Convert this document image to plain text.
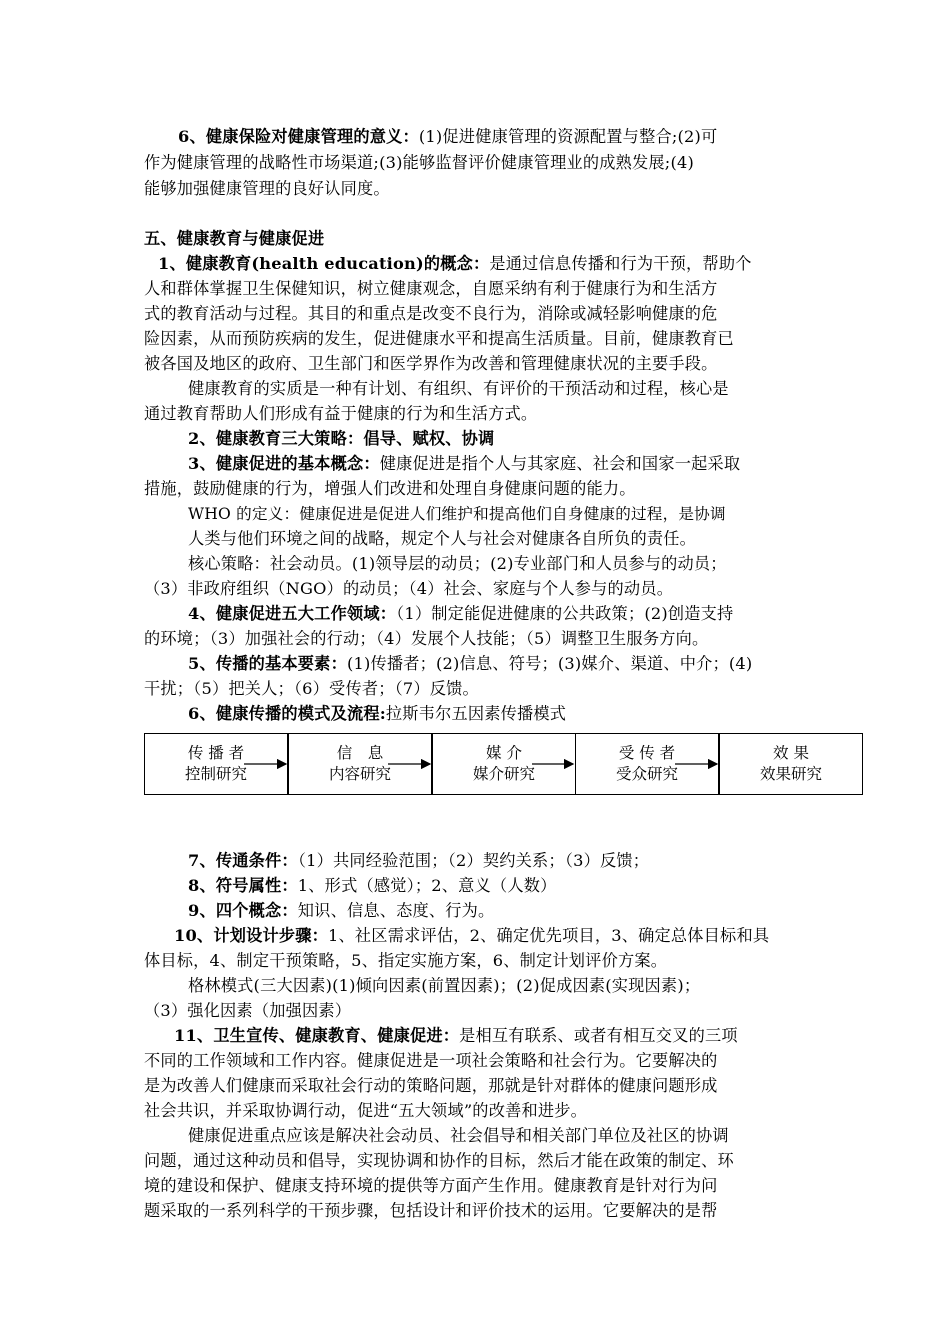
6、健康保险对健康管理的意义：(1)促进健康管理的资源配置与整合;(2)可
作为健康管理的战略性市场渠道;(3)能够监督评价健康管理业的成熟发展;(4)
能够加强健康管理的良好认同度。
五、健康教育与健康促进
1、健康教育(health education)的概念：是通过信息传播和行为干预，帮助个
人和群体掌握卫生保健知识，树立健康观念，自愿采纳有利于健康行为和生活方
式的教育活动与过程。其目的和重点是改变不良行为，消除或减轻影响健康的危
险因素，从而预防疾病的发生，促进健康水平和提高生活质量。目前，健康教育已
被各国及地区的政府、卫生部门和医学界作为改善和管理健康状况的主要手段。
健康教育的实质是一种有计划、有组织、有评价的干预活动和过程，核心是
通过教育帮助人们形成有益于健康的行为和生活方式。
2、健康教育三大策略：倡导、赋权、协调
3、健康促进的基本概念：健康促进是指个人与其家庭、社会和国家一起采取
措施，鼓励健康的行为，增强人们改进和处理自身健康问题的能力。
WHO 的定义：健康促进是促进人们维护和提高他们自身健康的过程，是协调
人类与他们环境之间的战略，规定个人与社会对健康各自所负的责任。
核心策略：社会动员。(1)领导层的动员；(2)专业部门和人员参与的动员；
（3）非政府组织（NGO）的动员；（4）社会、家庭与个人参与的动员。
4、健康促进五大工作领域：（1）制定能促进健康的公共政策；(2)创造支持
的环境；（3）加强社会的行动；（4）发展个人技能；（5）调整卫生服务方向。
5、传播的基本要素：(1)传播者；(2)信息、符号；(3)媒介、渠道、中介；(4)
干扰；（5）把关人；（6）受传者；（7）反馈。
6、健康传播的模式及流程:拉斯韦尔五因素传播模式
传 播 者
控制研究
信　息
内容研究
媒 介
媒介研究
受 传 者
受众研究
效 果
效果研究
7、传通条件：（1）共同经验范围；（2）契约关系；（3）反馈；
8、符号属性：1、形式（感觉）；2、意义（人数）
9、四个概念：知识、信息、态度、行为。
10、计划设计步骤：1、社区需求评估，2、确定优先项目，3、确定总体目标和具
体目标，4、制定干预策略，5、指定实施方案，6、制定计划评价方案。
格林模式(三大因素)(1)倾向因素(前置因素)；(2)促成因素(实现因素)；
（3）强化因素（加强因素）
11、卫生宣传、健康教育、健康促进：是相互有联系、或者有相互交叉的三项
不同的工作领域和工作内容。健康促进是一项社会策略和社会行为。它要解决的
是为改善人们健康而采取社会行动的策略问题，那就是针对群体的健康问题形成
社会共识，并采取协调行动，促进“五大领域”的改善和进步。
健康促进重点应该是解决社会动员、社会倡导和相关部门单位及社区的协调
问题，通过这种动员和倡导，实现协调和协作的目标，然后才能在政策的制定、环
境的建设和保护、健康支持环境的提供等方面产生作用。健康教育是针对行为问
题采取的一系列科学的干预步骤，包括设计和评价技术的运用。它要解决的是帮
